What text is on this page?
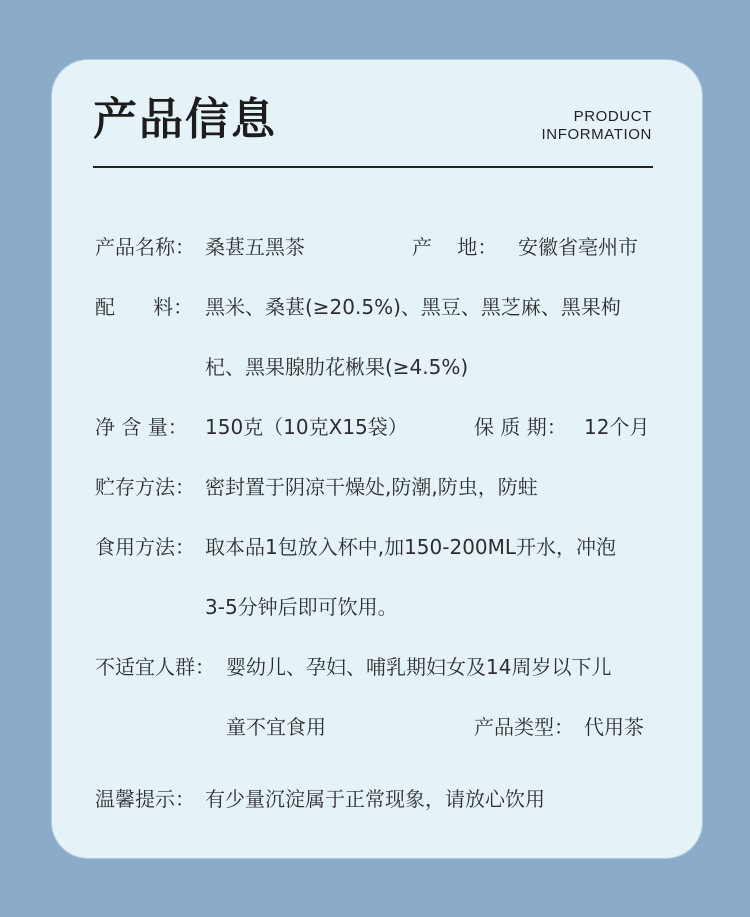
产品信息	PRODUCT
INFORMATION
产品名称： 桑葚五黑茶	产    地： 安徽省亳州市
配      料： 黑米、桑葚(≥20.5%)、黑豆、黑芝麻、黑果枸
杞、黑果腺肋花楸果(≥4.5%)
净 含 量： 150克（10克X15袋）	保 质 期： 12个月
贮存方法： 密封置于阴凉干燥处,防潮,防虫，防蛀
食用方法： 取本品1包放入杯中,加150-200ML开水，冲泡
3-5分钟后即可饮用。
不适宜人群： 婴幼儿、孕妇、哺乳期妇女及14周岁以下儿
童不宜食用	产品类型： 代用茶
温馨提示： 有少量沉淀属于正常现象，请放心饮用
